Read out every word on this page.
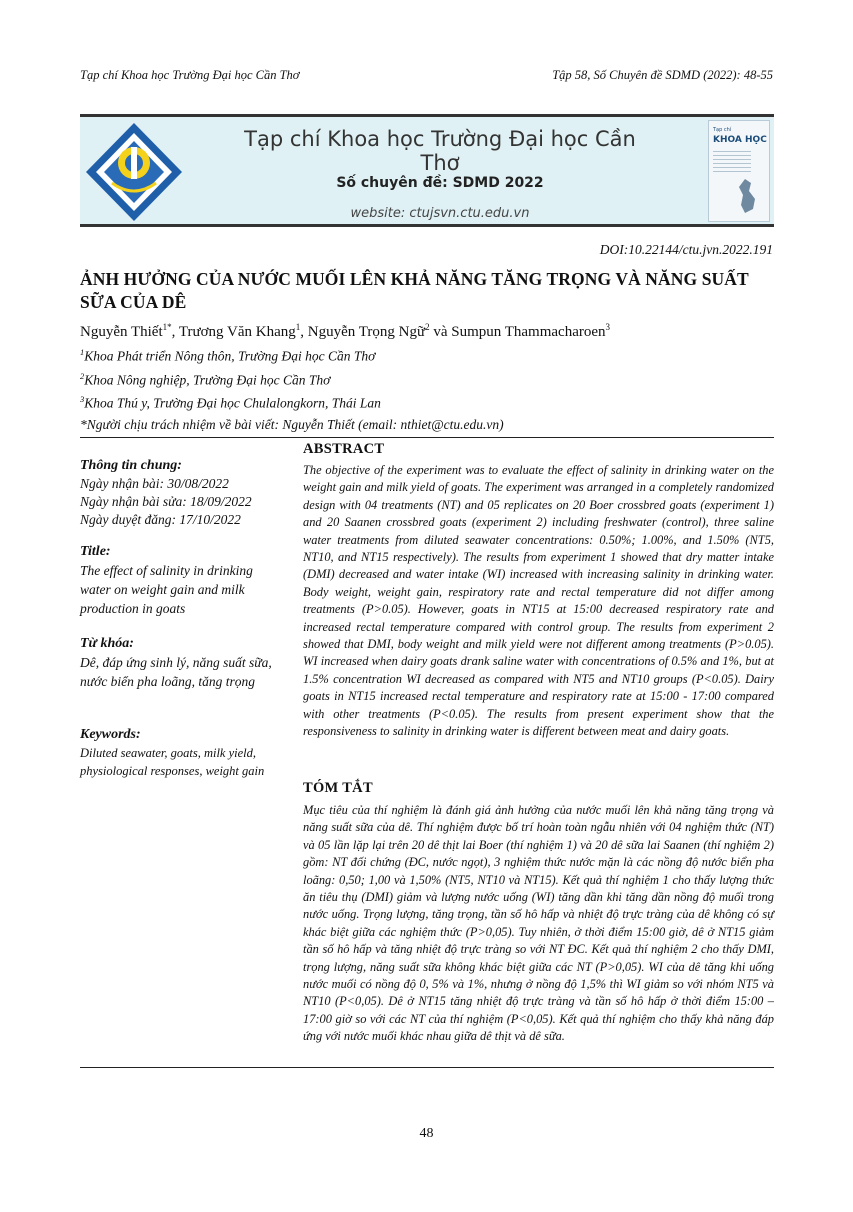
Tạp chí Khoa học Trường Đại học Cần Thơ	Tập 58, Số Chuyên đề SDMD (2022): 48-55
Tạp chí Khoa học Trường Đại học Cần Thơ
Số chuyên đề: SDMD 2022
website: ctujsvn.ctu.edu.vn
Tạp chí
KHOA HỌC
DOI:10.22144/ctu.jvn.2022.191
ẢNH HƯỞNG CỦA NƯỚC MUỐI LÊN KHẢ NĂNG TĂNG TRỌNG VÀ NĂNG SUẤT SỮA CỦA DÊ
Nguyễn Thiết$^{1*}$, Trương Văn Khang$^1$, Nguyễn Trọng Ngữ$^2$ và Sumpun Thammacharoen$^3$
$^1$Khoa Phát triển Nông thôn, Trường Đại học Cần Thơ
$^2$Khoa Nông nghiệp, Trường Đại học Cần Thơ
$^3$Khoa Thú y, Trường Đại học Chulalongkorn, Thái Lan
*Người chịu trách nhiệm về bài viết: Nguyễn Thiết (email: nthiet@ctu.edu.vn)
Thông tin chung:
Ngày nhận bài: 30/08/2022
Ngày nhận bài sửa: 18/09/2022
Ngày duyệt đăng: 17/10/2022
Title:
The effect of salinity in drinking water on weight gain and milk production in goats
Từ khóa:
Dê, đáp ứng sinh lý, năng suất sữa, nước biển pha loãng, tăng trọng
Keywords:
Diluted seawater, goats, milk yield, physiological responses, weight gain
ABSTRACT
The objective of the experiment was to evaluate the effect of salinity in drinking water on the weight gain and milk yield of goats. The experiment was arranged in a completely randomized design with 04 treatments (NT) and 05 replicates on 20 Boer crossbred goats (experiment 1) and 20 Saanen crossbred goats (experiment 2) including freshwater (control), three saline water treatments from diluted seawater concentrations: 0.50%; 1.00%, and 1.50% (NT5, NT10, and NT15 respectively). The results from experiment 1 showed that dry matter intake (DMI) decreased and water intake (WI) increased with increasing salinity in drinking water. Body weight, weight gain, respiratory rate and rectal temperature did not differ among treatments (P>0.05). However, goats in NT15 at 15:00 decreased respiratory rate and increased rectal temperature compared with control group. The results from experiment 2 showed that DMI, body weight and milk yield were not different among treatments (P>0.05). WI increased when dairy goats drank saline water with concentrations of 0.5% and 1%, but at 1.5% concentration WI decreased as compared with NT5 and NT10 groups (P<0.05). Dairy goats in NT15 increased rectal temperature and respiratory rate at 15:00 - 17:00 compared with other treatments (P<0.05). The results from present experiment show that the responsiveness to salinity in drinking water is different between meat and dairy goats.
TÓM TẮT
Mục tiêu của thí nghiệm là đánh giá ảnh hưởng của nước muối lên khả năng tăng trọng và năng suất sữa của dê. Thí nghiệm được bố trí hoàn toàn ngẫu nhiên với 04 nghiệm thức (NT) và 05 lần lặp lại trên 20 dê thịt lai Boer (thí nghiệm 1) và 20 dê sữa lai Saanen (thí nghiệm 2) gồm: NT đối chứng (ĐC, nước ngọt), 3 nghiệm thức nước mặn là các nồng độ nước biển pha loãng: 0,50; 1,00 và 1,50% (NT5, NT10 và NT15). Kết quả thí nghiệm 1 cho thấy lượng thức ăn tiêu thụ (DMI) giảm và lượng nước uống (WI) tăng dần khi tăng dần nồng độ muối trong nước uống. Trọng lượng, tăng trọng, tần số hô hấp và nhiệt độ trực tràng của dê không có sự khác biệt giữa các nghiệm thức (P>0,05). Tuy nhiên, ở thời điểm 15:00 giờ, dê ở NT15 giảm tần số hô hấp và tăng nhiệt độ trực tràng so với NT ĐC. Kết quả thí nghiệm 2 cho thấy DMI, trọng lượng, năng suất sữa không khác biệt giữa các NT (P>0,05). WI của dê tăng khi uống nước muối có nồng độ 0, 5% và 1%, nhưng ở nồng độ 1,5% thì WI giảm so với nhóm NT5 và NT10 (P<0,05). Dê ở NT15 tăng nhiệt độ trực tràng và tần số hô hấp ở thời điểm 15:00 – 17:00 giờ so với các NT của thí nghiệm (P<0,05). Kết quả thí nghiệm cho thấy khả năng đáp ứng với nước muối khác nhau giữa dê thịt và dê sữa.
48
